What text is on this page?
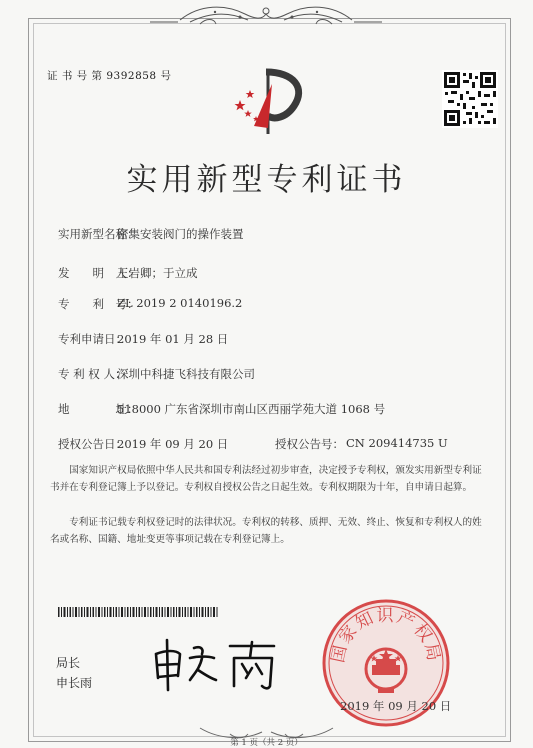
证 书 号 第 9392858 号
实用新型专利证书
实用新型名称：
密集安装阀门的操作装置
发　　明　人：
王岩卿；于立成
专　　利　号：
ZL 2019 2 0140196.2
专利申请日：
2019 年 01 月 28 日
专 利 权 人：
深圳中科捷飞科技有限公司
地　　　　址：
518000 广东省深圳市南山区西丽学苑大道 1068 号
授权公告日：
2019 年 09 月 20 日	授权公告号： CN 209414735 U

国家知识产权局依照中华人民共和国专利法经过初步审查，决定授予专利权，颁发实用新型专利证书并在专利登记簿上予以登记。专利权自授权公告之日起生效。专利权期限为十年，自申请日起算。

专利证书记载专利权登记时的法律状况。专利权的转移、质押、无效、终止、恢复和专利权人的姓名或名称、国籍、地址变更等事项记载在专利登记簿上。

局长
申长雨
国家知识产权局
2019 年 09 月 20 日
第 1 页（共 2 页）
